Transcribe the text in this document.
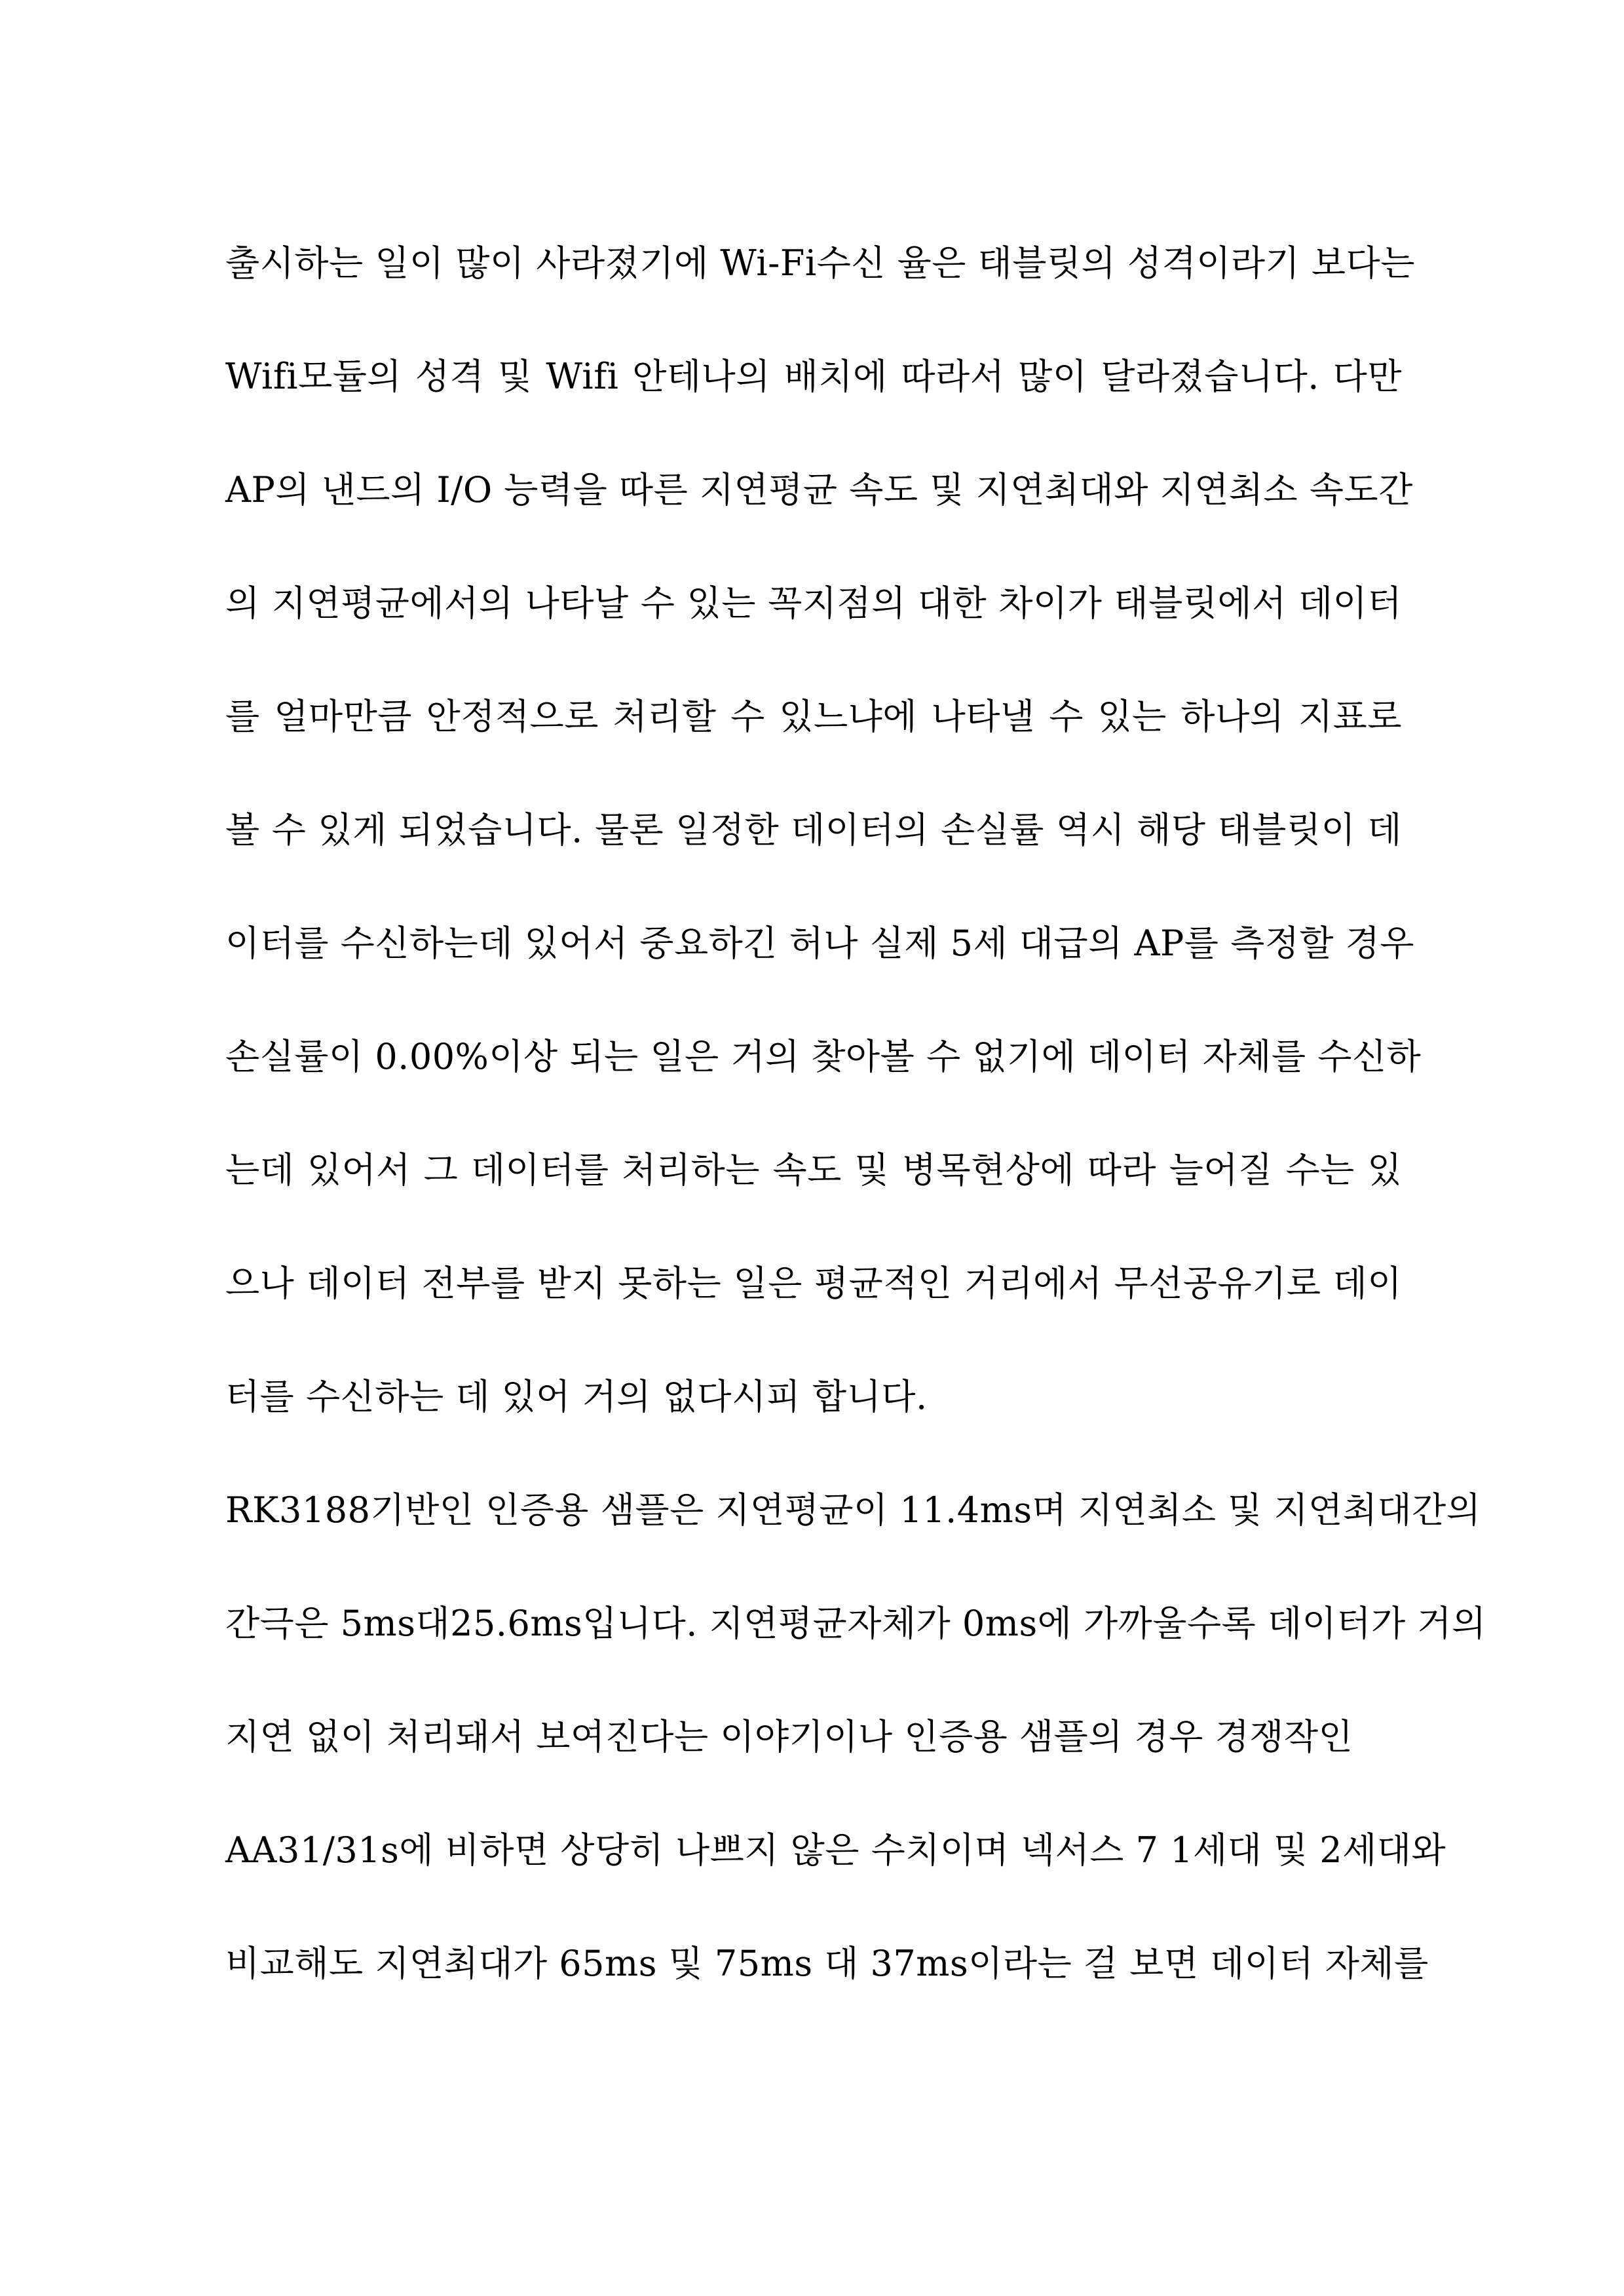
출시하는 일이 많이 사라졌기에 Wi-Fi수신 율은 태블릿의 성격이라기 보다는
Wifi모듈의 성격 및 Wifi 안테나의 배치에 따라서 많이 달라졌습니다. 다만
AP의 낸드의 I/O 능력을 따른 지연평균 속도 및 지연최대와 지연최소 속도간
의 지연평균에서의 나타날 수 있는 꼭지점의 대한 차이가 태블릿에서 데이터
를 얼마만큼 안정적으로 처리할 수 있느냐에 나타낼 수 있는 하나의 지표로
볼 수 있게 되었습니다. 물론 일정한 데이터의 손실률 역시 해당 태블릿이 데
이터를 수신하는데 있어서 중요하긴 허나 실제 5세 대급의 AP를 측정할 경우
손실률이 0.00%이상 되는 일은 거의 찾아볼 수 없기에 데이터 자체를 수신하
는데 있어서 그 데이터를 처리하는 속도 및 병목현상에 따라 늘어질 수는 있
으나 데이터 전부를 받지 못하는 일은 평균적인 거리에서 무선공유기로 데이
터를 수신하는 데 있어 거의 없다시피 합니다.
RK3188기반인 인증용 샘플은 지연평균이 11.4ms며 지연최소 및 지연최대간의
간극은 5ms대25.6ms입니다. 지연평균자체가 0ms에 가까울수록 데이터가 거의
지연 없이 처리돼서 보여진다는 이야기이나 인증용 샘플의 경우 경쟁작인
AA31/31s에 비하면 상당히 나쁘지 않은 수치이며 넥서스 7 1세대 및 2세대와
비교해도 지연최대가 65ms 및 75ms 대 37ms이라는 걸 보면 데이터 자체를
